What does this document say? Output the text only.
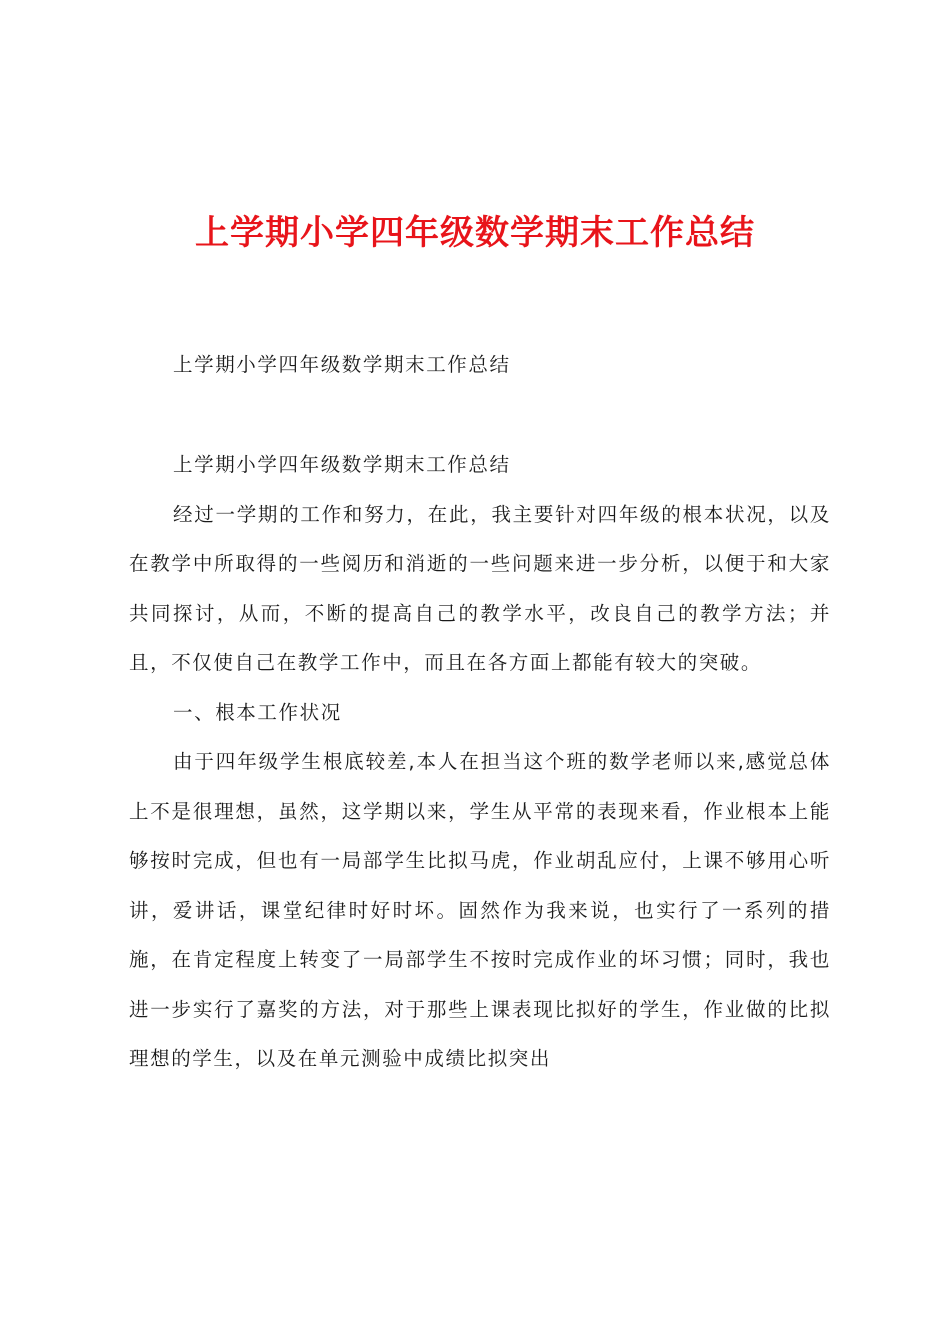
上学期小学四年级数学期末工作总结

上学期小学四年级数学期末工作总结

上学期小学四年级数学期末工作总结

经过一学期的工作和努力，在此，我主要针对四年级的根本状况，以及在教学中所取得的一些阅历和消逝的一些问题来进一步分析，以便于和大家共同探讨，从而，不断的提高自己的教学水平，改良自己的教学方法；并且，不仅使自己在教学工作中，而且在各方面上都能有较大的突破。

一、根本工作状况

由于四年级学生根底较差,本人在担当这个班的数学老师以来,感觉总体上不是很理想，虽然，这学期以来，学生从平常的表现来看，作业根本上能够按时完成，但也有一局部学生比拟马虎，作业胡乱应付，上课不够用心听讲，爱讲话，课堂纪律时好时坏。固然作为我来说，也实行了一系列的措施，在肯定程度上转变了一局部学生不按时完成作业的坏习惯；同时，我也进一步实行了嘉奖的方法，对于那些上课表现比拟好的学生，作业做的比拟理想的学生，以及在单元测验中成绩比拟突出
